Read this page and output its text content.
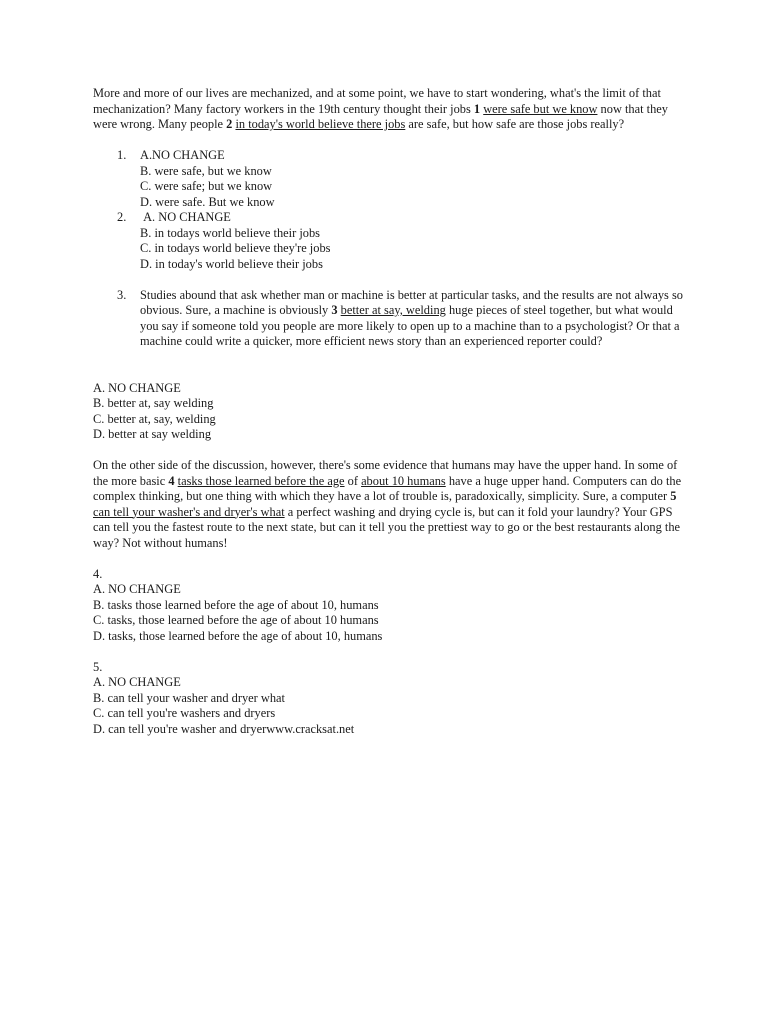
More and more of our lives are mechanized, and at some point, we have to start wondering, what's the limit of that mechanization? Many factory workers in the 19th century thought their jobs 1 were safe but we know now that they were wrong. Many people 2 in today's world believe there jobs are safe, but how safe are those jobs really?

1. A.NO CHANGE
B. were safe, but we know
C. were safe; but we know
D. were safe. But we know
2. A. NO CHANGE
B. in todays world believe their jobs
C. in todays world believe they're jobs
D. in today's world believe their jobs
3. Studies abound that ask whether man or machine is better at particular tasks, and the results are not always so obvious. Sure, a machine is obviously 3 better at say, welding huge pieces of steel together, but what would you say if someone told you people are more likely to open up to a machine than to a psychologist? Or that a machine could write a quicker, more efficient news story than an experienced reporter could?
A. NO CHANGE
B. better at, say welding
C. better at, say, welding
D. better at say welding

On the other side of the discussion, however, there's some evidence that humans may have the upper hand. In some of the more basic 4 tasks those learned before the age of about 10 humans have a huge upper hand. Computers can do the complex thinking, but one thing with which they have a lot of trouble is, paradoxically, simplicity. Sure, a computer 5 can tell your washer's and dryer's what a perfect washing and drying cycle is, but can it fold your laundry? Your GPS can tell you the fastest route to the next state, but can it tell you the prettiest way to go or the best restaurants along the way? Not without humans!

4.
A. NO CHANGE
B. tasks those learned before the age of about 10, humans
C. tasks, those learned before the age of about 10 humans
D. tasks, those learned before the age of about 10, humans
5.
A. NO CHANGE
B. can tell your washer and dryer what
C. can tell you're washers and dryers
D. can tell you're washer and dryerwww.cracksat.net
